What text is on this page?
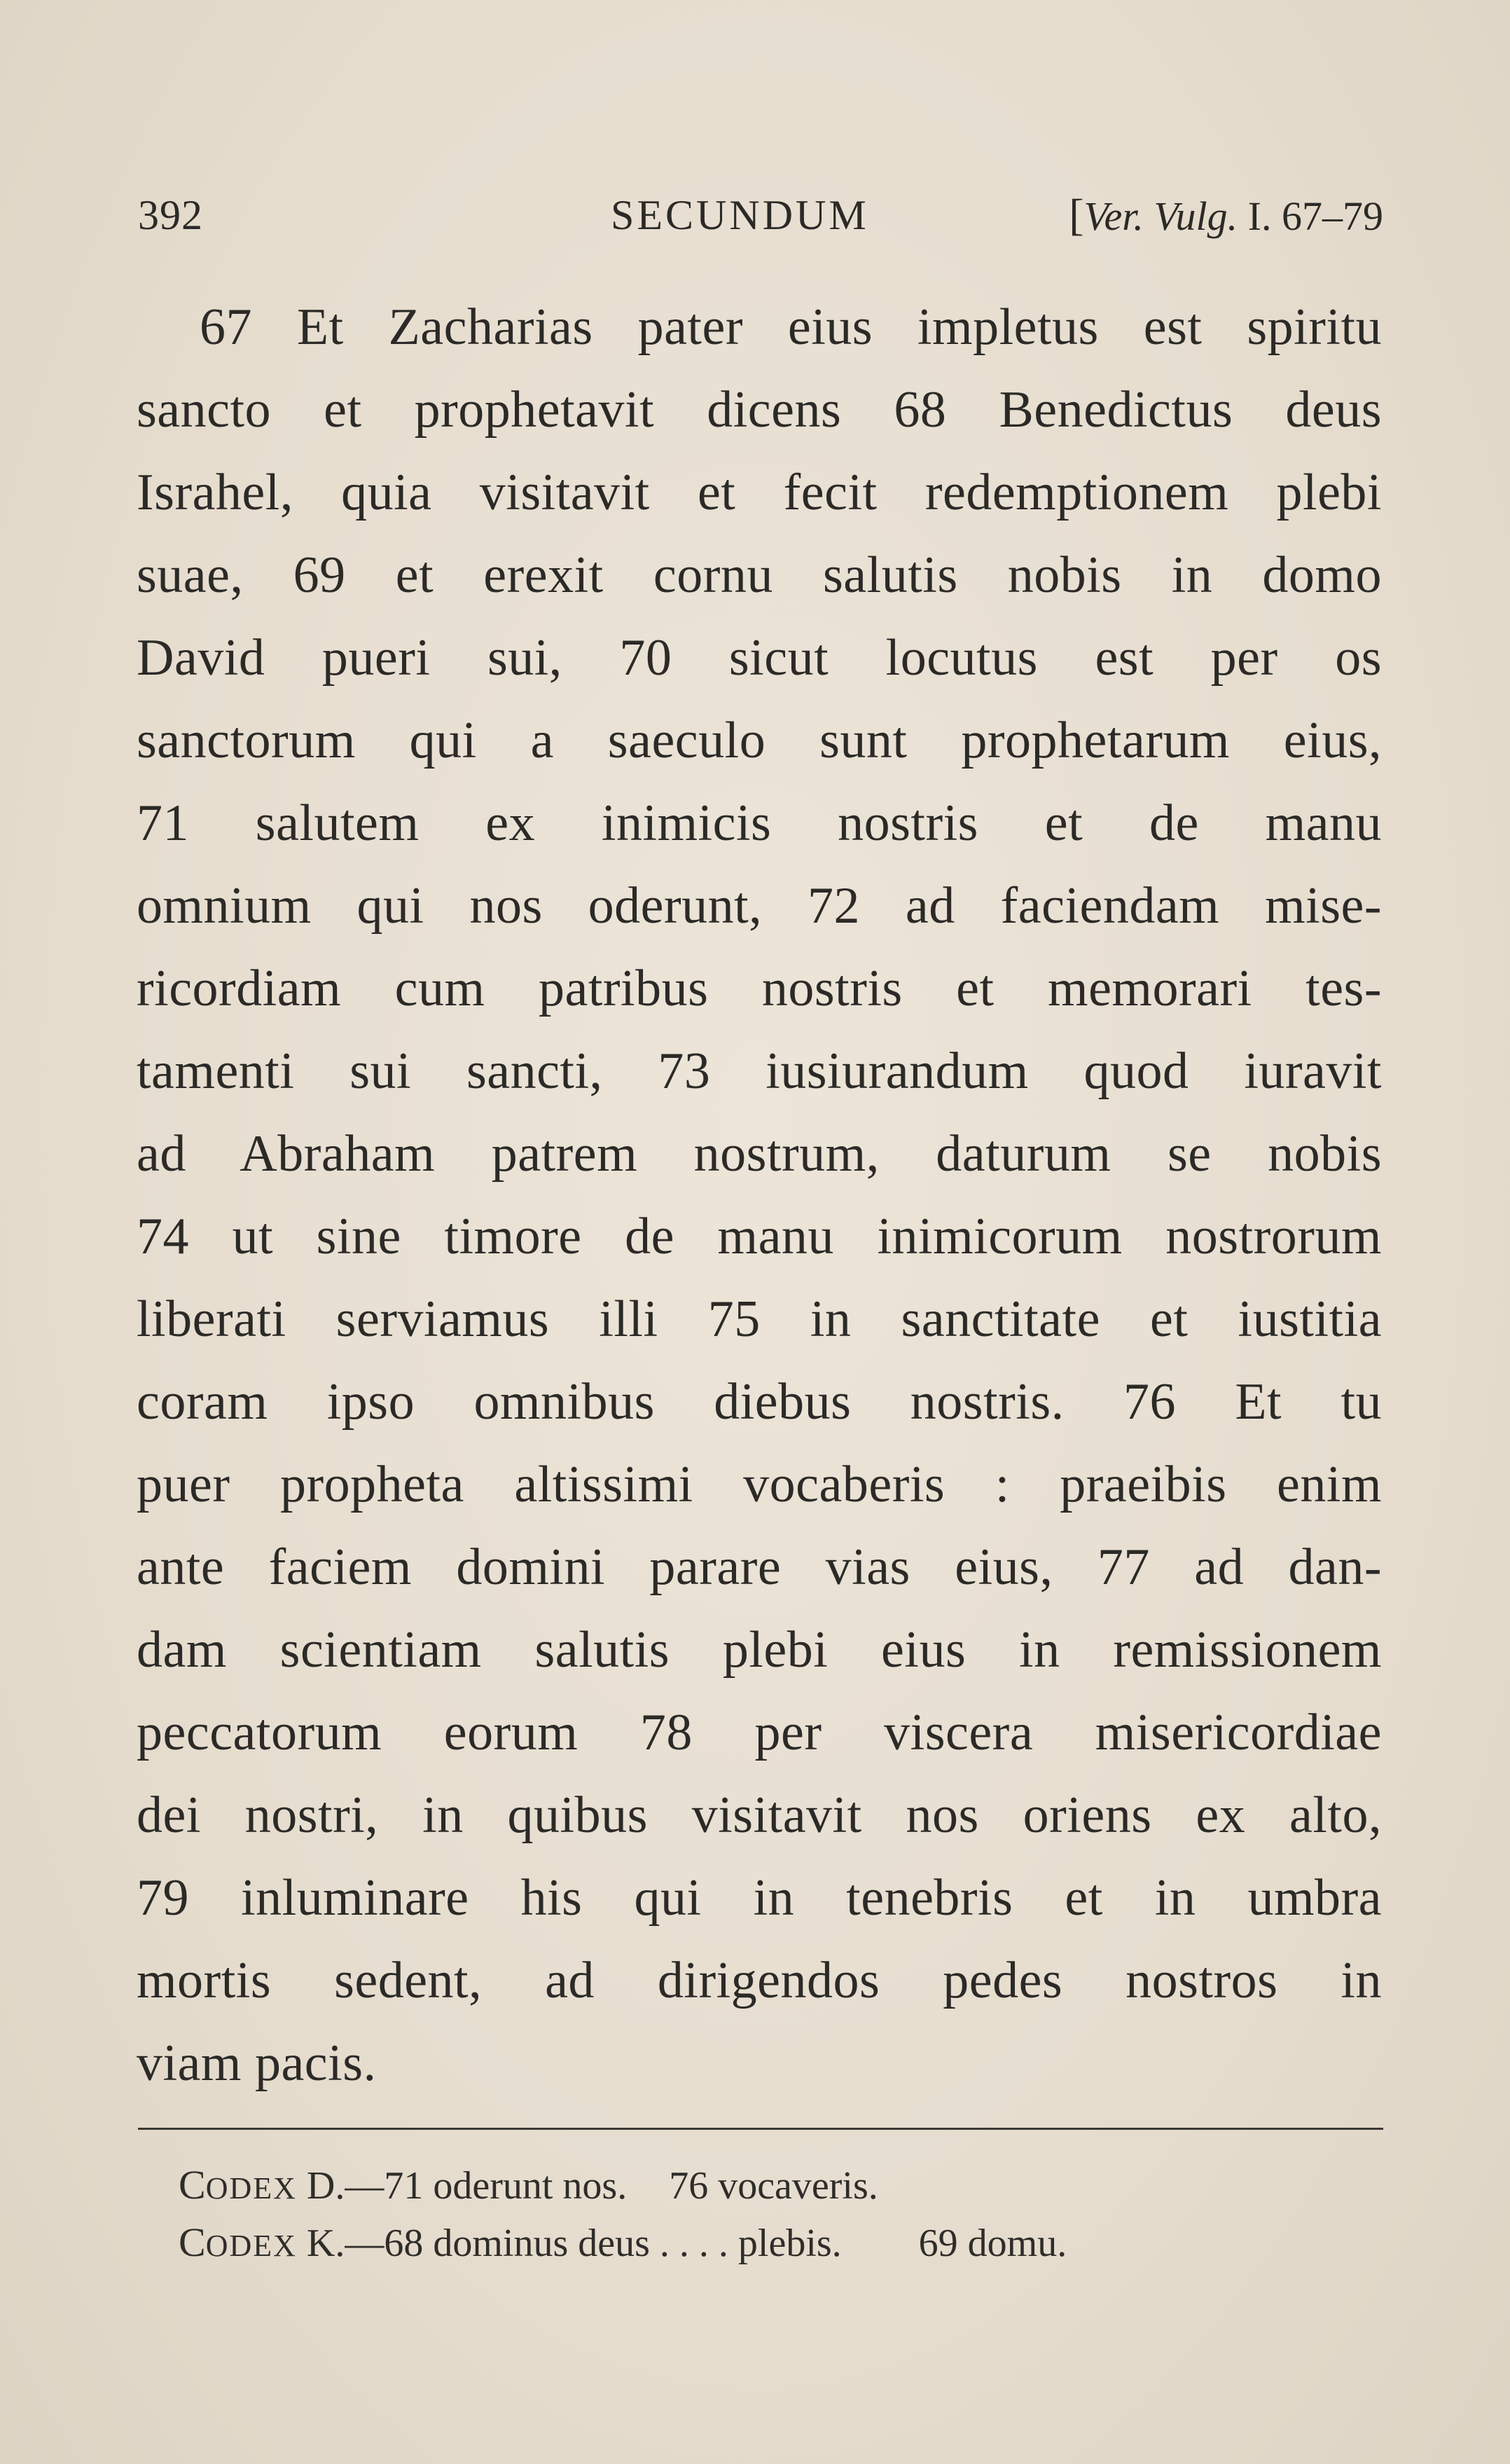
392	SECUNDUM	[Ver. Vulg. I. 67–79
67 Et Zacharias pater eius impletus est spiritu
sancto et prophetavit dicens 68 Benedictus deus
Israhel, quia visitavit et fecit redemptionem plebi
suae, 69 et erexit cornu salutis nobis in domo
David pueri sui, 70 sicut locutus est per os
sanctorum qui a saeculo sunt prophetarum eius,
71 salutem ex inimicis nostris et de manu
omnium qui nos oderunt, 72 ad faciendam mise-
ricordiam cum patribus nostris et memorari tes-
tamenti sui sancti, 73 iusiurandum quod iuravit
ad Abraham patrem nostrum, daturum se nobis
74 ut sine timore de manu inimicorum nostrorum
liberati serviamus illi 75 in sanctitate et iustitia
coram ipso omnibus diebus nostris. 76 Et tu
puer propheta altissimi vocaberis : praeibis enim
ante faciem domini parare vias eius, 77 ad dan-
dam scientiam salutis plebi eius in remissionem
peccatorum eorum 78 per viscera misericordiae
dei nostri, in quibus visitavit nos oriens ex alto,
79 inluminare his qui in tenebris et in umbra
mortis sedent, ad dirigendos pedes nostros in
viam pacis.
CODEX D.—71 oderunt nos. 76 vocaveris.
CODEX K.—68 dominus deus . . . . plebis. 69 domu.
